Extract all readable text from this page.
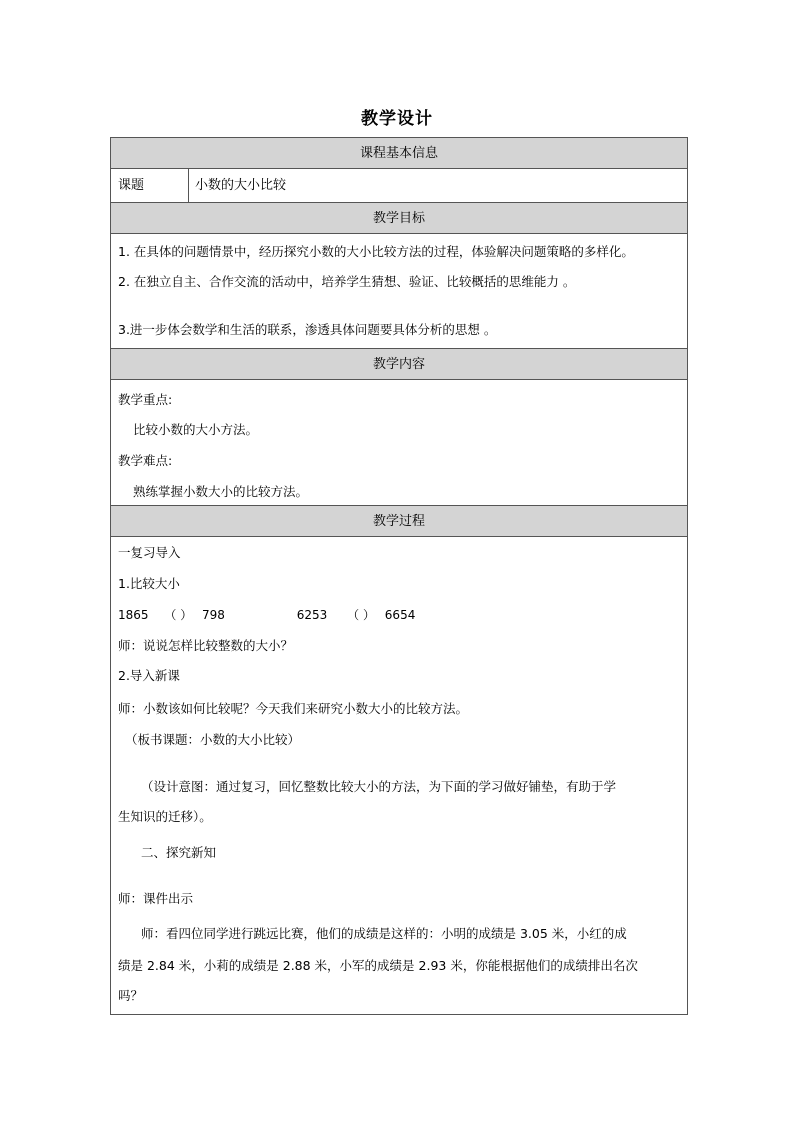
教学设计
课程基本信息
课题	小数的大小比较
教学目标
1. 在具体的问题情景中，经历探究小数的大小比较方法的过程，体验解决问题策略的多样化。
2. 在独立自主、合作交流的活动中，培养学生猜想、验证、比较概括的思维能力 。
3.进一步体会数学和生活的联系，渗透具体问题要具体分析的思想 。
教学内容
教学重点:
比较小数的大小方法。
教学难点:
熟练掌握小数大小的比较方法。
教学过程
一复习导入
1.比较大小
1865 （ ） 798	6253 （ ） 6654
师：说说怎样比较整数的大小？
2.导入新课
师：小数该如何比较呢？今天我们来研究小数大小的比较方法。
（板书课题：小数的大小比较）
（设计意图：通过复习，回忆整数比较大小的方法，为下面的学习做好铺垫，有助于学
生知识的迁移）。
二、探究新知
师：课件出示
师：看四位同学进行跳远比赛，他们的成绩是这样的：小明的成绩是 3.05 米，小红的成
绩是 2.84 米，小莉的成绩是 2.88 米，小军的成绩是 2.93 米，你能根据他们的成绩排出名次
吗？
